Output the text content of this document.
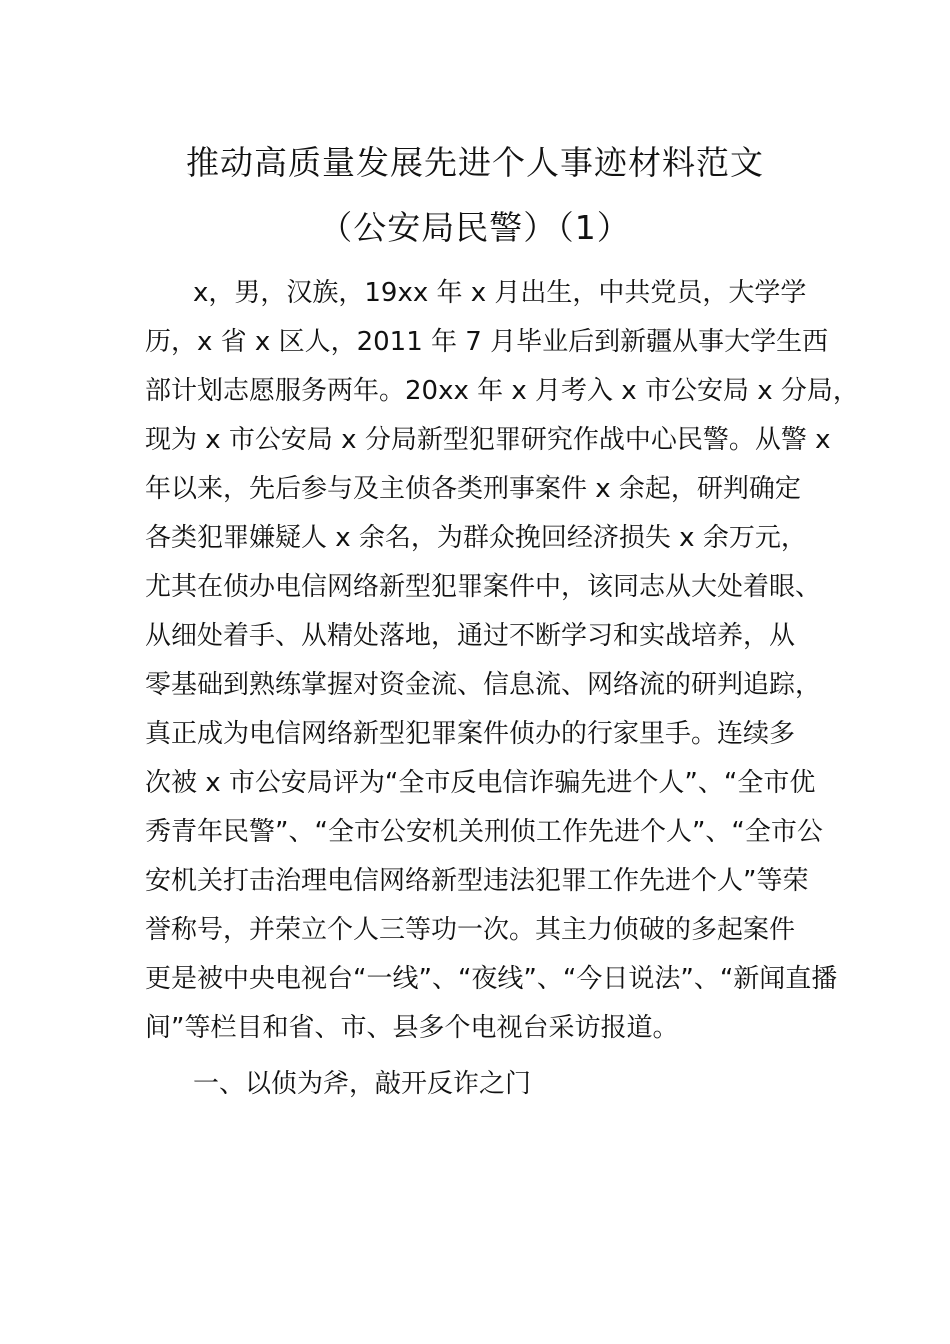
推动高质量发展先进个人事迹材料范文
（公安局民警）（1）
x，男，汉族，19xx 年 x 月出生，中共党员，大学学
历，x 省 x 区人，2011 年 7 月毕业后到新疆从事大学生西
部计划志愿服务两年。20xx 年 x 月考入 x 市公安局 x 分局，
现为 x 市公安局 x 分局新型犯罪研究作战中心民警。从警 x
年以来，先后参与及主侦各类刑事案件 x 余起，研判确定
各类犯罪嫌疑人 x 余名，为群众挽回经济损失 x 余万元，
尤其在侦办电信网络新型犯罪案件中，该同志从大处着眼、
从细处着手、从精处落地，通过不断学习和实战培养，从
零基础到熟练掌握对资金流、信息流、网络流的研判追踪，
真正成为电信网络新型犯罪案件侦办的行家里手。连续多
次被 x 市公安局评为“全市反电信诈骗先进个人”、“全市优
秀青年民警”、“全市公安机关刑侦工作先进个人”、“全市公
安机关打击治理电信网络新型违法犯罪工作先进个人”等荣
誉称号，并荣立个人三等功一次。其主力侦破的多起案件
更是被中央电视台“一线”、“夜线”、“今日说法”、“新闻直播
间”等栏目和省、市、县多个电视台采访报道。
一、以侦为斧，敲开反诈之门
